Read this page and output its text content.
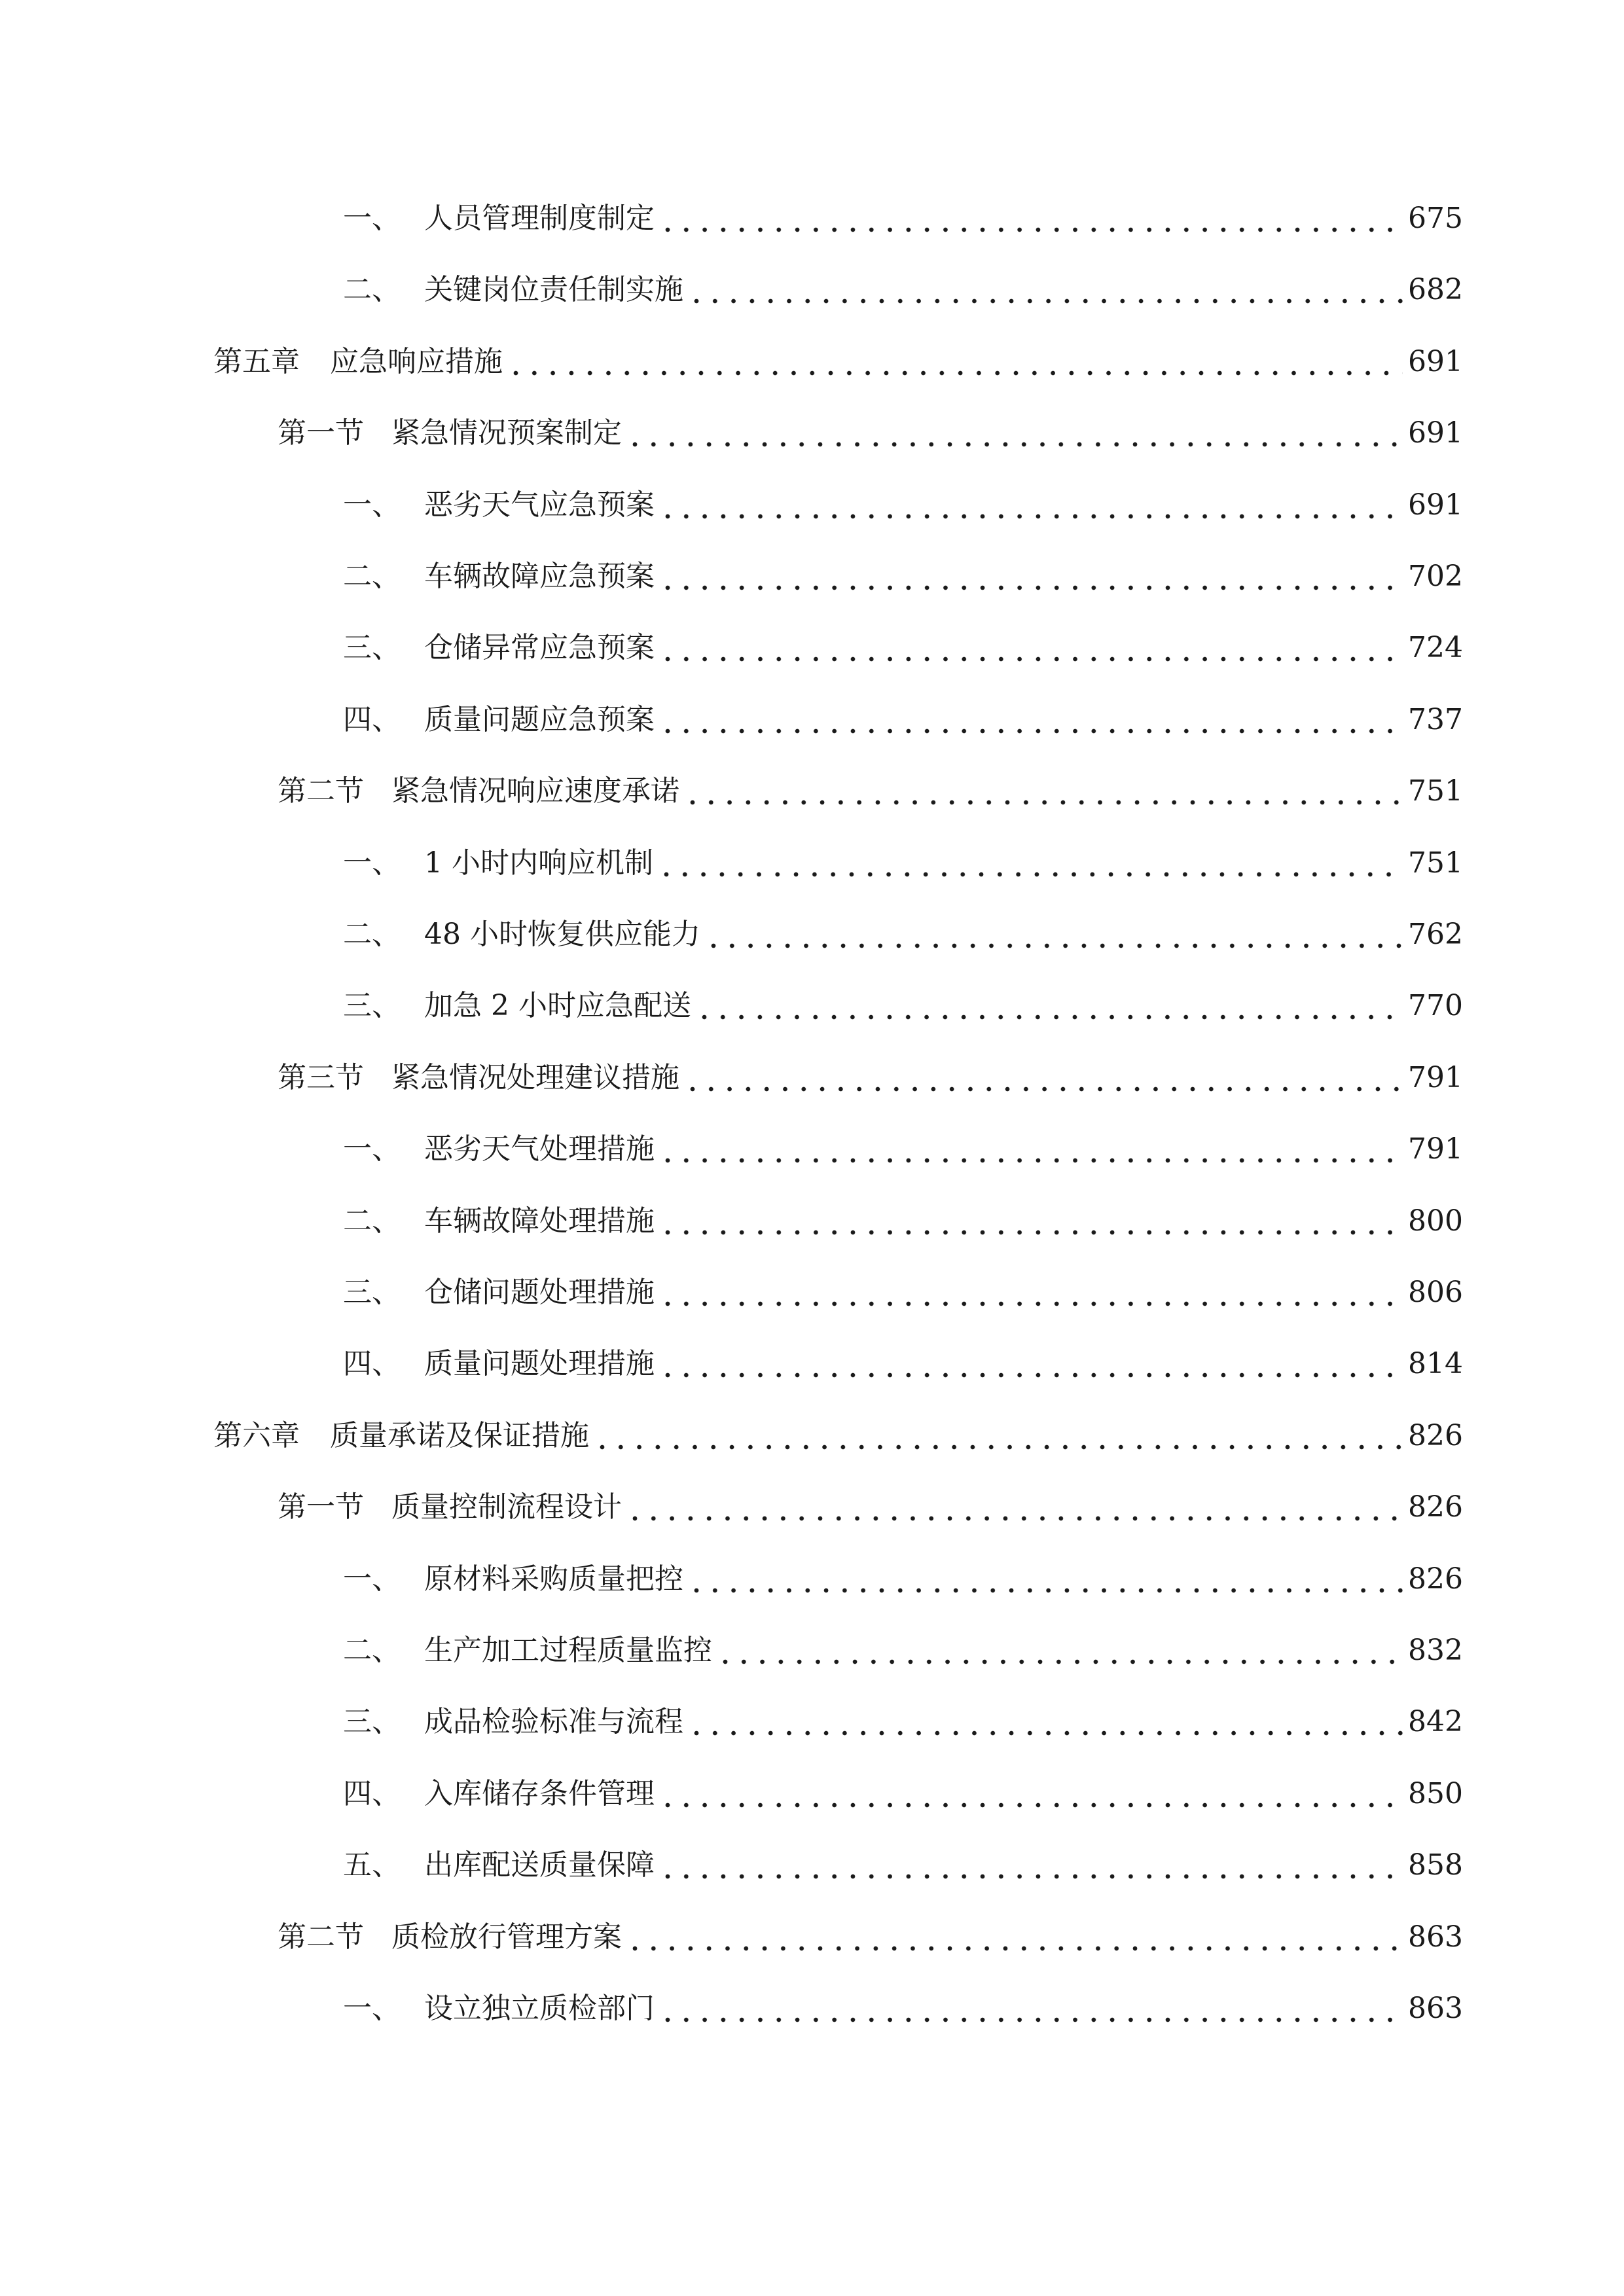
一、 人员管理制度制定	675
二、 关键岗位责任制实施	682
第五章	应急响应措施	691
第一节 紧急情况预案制定	691
一、 恶劣天气应急预案	691
二、 车辆故障应急预案	702
三、 仓储异常应急预案	724
四、 质量问题应急预案	737
第二节 紧急情况响应速度承诺	751
一、 1 小时内响应机制	751
二、 48 小时恢复供应能力	762
三、 加急 2 小时应急配送	770
第三节 紧急情况处理建议措施	791
一、 恶劣天气处理措施	791
二、 车辆故障处理措施	800
三、 仓储问题处理措施	806
四、 质量问题处理措施	814
第六章	质量承诺及保证措施	826
第一节 质量控制流程设计	826
一、 原材料采购质量把控	826
二、 生产加工过程质量监控	832
三、 成品检验标准与流程	842
四、 入库储存条件管理	850
五、 出库配送质量保障	858
第二节 质检放行管理方案	863
一、 设立独立质检部门	863
